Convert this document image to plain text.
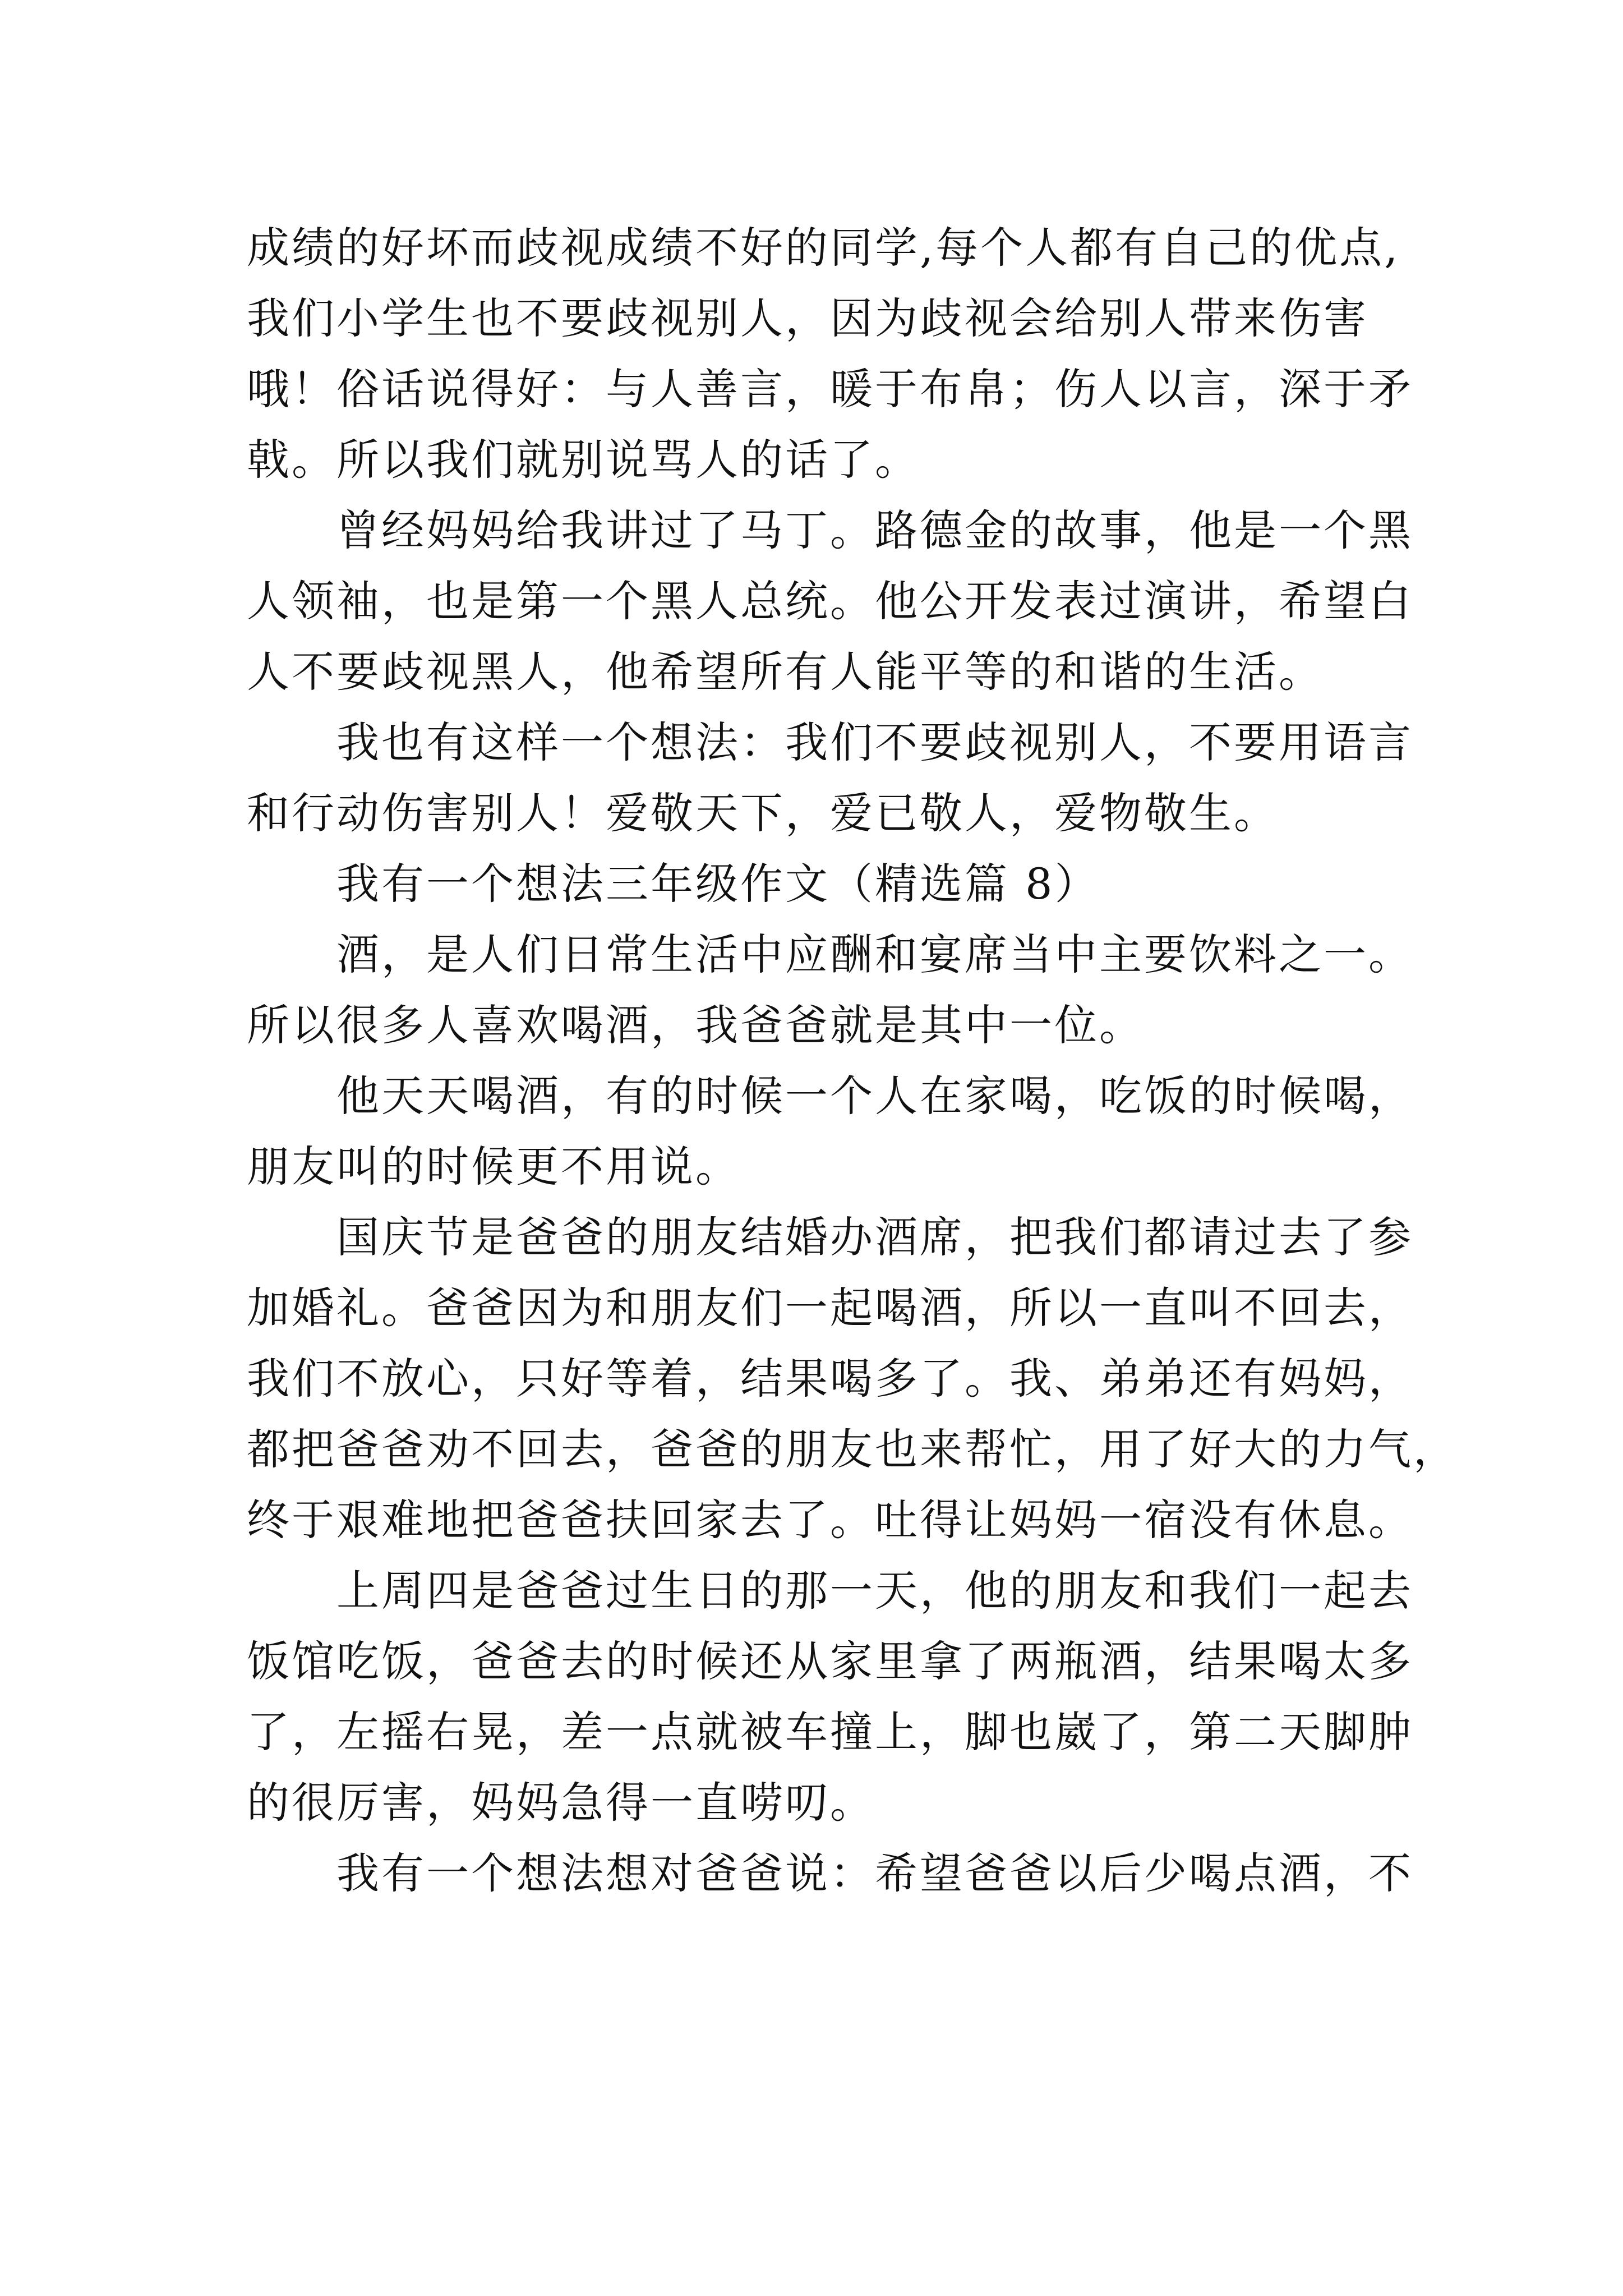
成绩的好坏而歧视成绩不好的同学,每个人都有自己的优点,
我们小学生也不要歧视别人，因为歧视会给别人带来伤害
哦！俗话说得好：与人善言，暖于布帛；伤人以言，深于矛
戟。所以我们就别说骂人的话了。
曾经妈妈给我讲过了马丁。路德金的故事，他是一个黑
人领袖，也是第一个黑人总统。他公开发表过演讲，希望白
人不要歧视黑人，他希望所有人能平等的和谐的生活。
我也有这样一个想法：我们不要歧视别人，不要用语言
和行动伤害别人！爱敬天下，爱已敬人，爱物敬生。
我有一个想法三年级作文（精选篇 8）
酒，是人们日常生活中应酬和宴席当中主要饮料之一。
所以很多人喜欢喝酒，我爸爸就是其中一位。
他天天喝酒，有的时候一个人在家喝，吃饭的时候喝，
朋友叫的时候更不用说。
国庆节是爸爸的朋友结婚办酒席，把我们都请过去了参
加婚礼。爸爸因为和朋友们一起喝酒，所以一直叫不回去，
我们不放心，只好等着，结果喝多了。我、弟弟还有妈妈，
都把爸爸劝不回去，爸爸的朋友也来帮忙，用了好大的力气，
终于艰难地把爸爸扶回家去了。吐得让妈妈一宿没有休息。
上周四是爸爸过生日的那一天，他的朋友和我们一起去
饭馆吃饭，爸爸去的时候还从家里拿了两瓶酒，结果喝太多
了，左摇右晃，差一点就被车撞上，脚也崴了，第二天脚肿
的很厉害，妈妈急得一直唠叨。
我有一个想法想对爸爸说：希望爸爸以后少喝点酒，不
